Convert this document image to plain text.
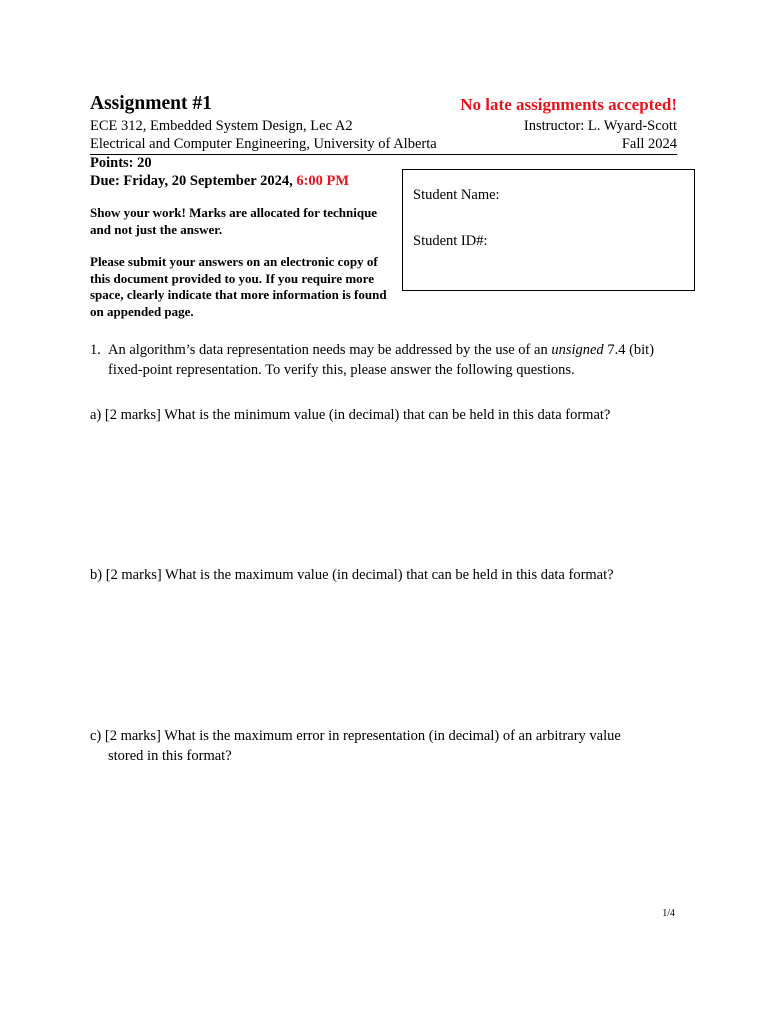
Assignment #1	No late assignments accepted!
ECE 312, Embedded System Design, Lec A2	Instructor: L. Wyard-Scott
Electrical and Computer Engineering, University of Alberta	Fall 2024
Points: 20
Due: Friday, 20 September 2024, 6:00 PM
Show your work! Marks are allocated for technique and not just the answer.
Please submit your answers on an electronic copy of this document provided to you. If you require more space, clearly indicate that more information is found on appended page.
Student Name:
Student ID#:
1. An algorithm’s data representation needs may be addressed by the use of an unsigned 7.4 (bit)
fixed-point representation. To verify this, please answer the following questions.
a) [2 marks] What is the minimum value (in decimal) that can be held in this data format?
b) [2 marks] What is the maximum value (in decimal) that can be held in this data format?
c) [2 marks] What is the maximum error in representation (in decimal) of an arbitrary value
stored in this format?
1/4
